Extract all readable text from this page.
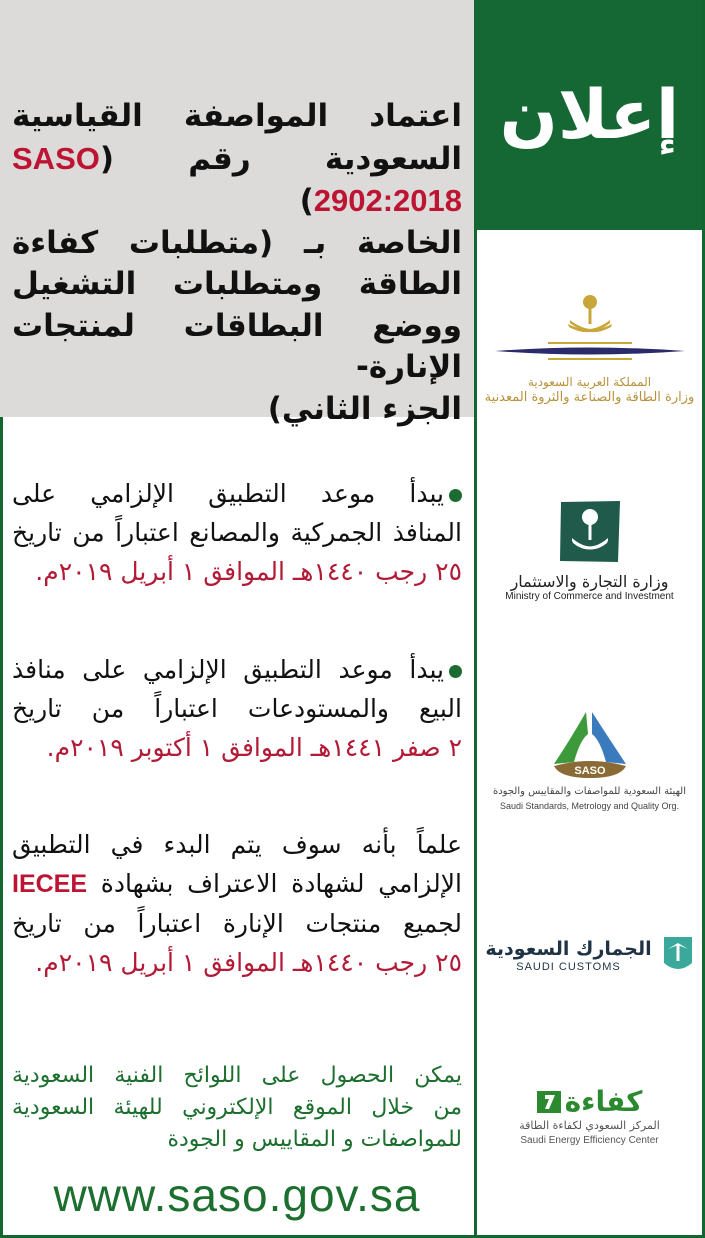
اعتماد المواصفة القياسية
السعودية رقم (SASO 2902:2018)
الخاصة بـ (متطلبات كفاءة
الطاقة ومتطلبات التشغيل
ووضع البطاقات لمنتجات الإنارة-
الجزء الثاني)
يبدأ موعد التطبيق الإلزامي على
المنافذ الجمركية والمصانع اعتباراً من تاريخ
٢٥ رجب ١٤٤٠هـ الموافق ١ أبريل ٢٠١٩م.
يبدأ موعد التطبيق الإلزامي على منافذ
البيع والمستودعات اعتباراً من تاريخ
٢ صفر ١٤٤١هـ الموافق ١ أكتوبر ٢٠١٩م.
علماً بأنه سوف يتم البدء في التطبيق
الإلزامي لشهادة الاعتراف بشهادة IECEE
لجميع منتجات الإنارة اعتباراً من تاريخ
٢٥ رجب ١٤٤٠هـ الموافق ١ أبريل ٢٠١٩م.
يمكن الحصول على اللوائح الفنية السعودية
من خلال الموقع الإلكتروني للهيئة السعودية
للمواصفات و المقاييس و الجودة
www.saso.gov.sa
إعلان
المملكة العربية السعودية
وزارة الطاقة والصناعة والثروة المعدنية
وزارة التجارة والاستثمار
Ministry of Commerce and Investment
SASO
الهيئة السعودية للمواصفات والمقاييس والجودة
Saudi Standards, Metrology and Quality Org.
الجمارك السعودية
SAUDI CUSTOMS
كفاءة
المركز السعودي لكفاءة الطاقة
Saudi Energy Efficiency Center
